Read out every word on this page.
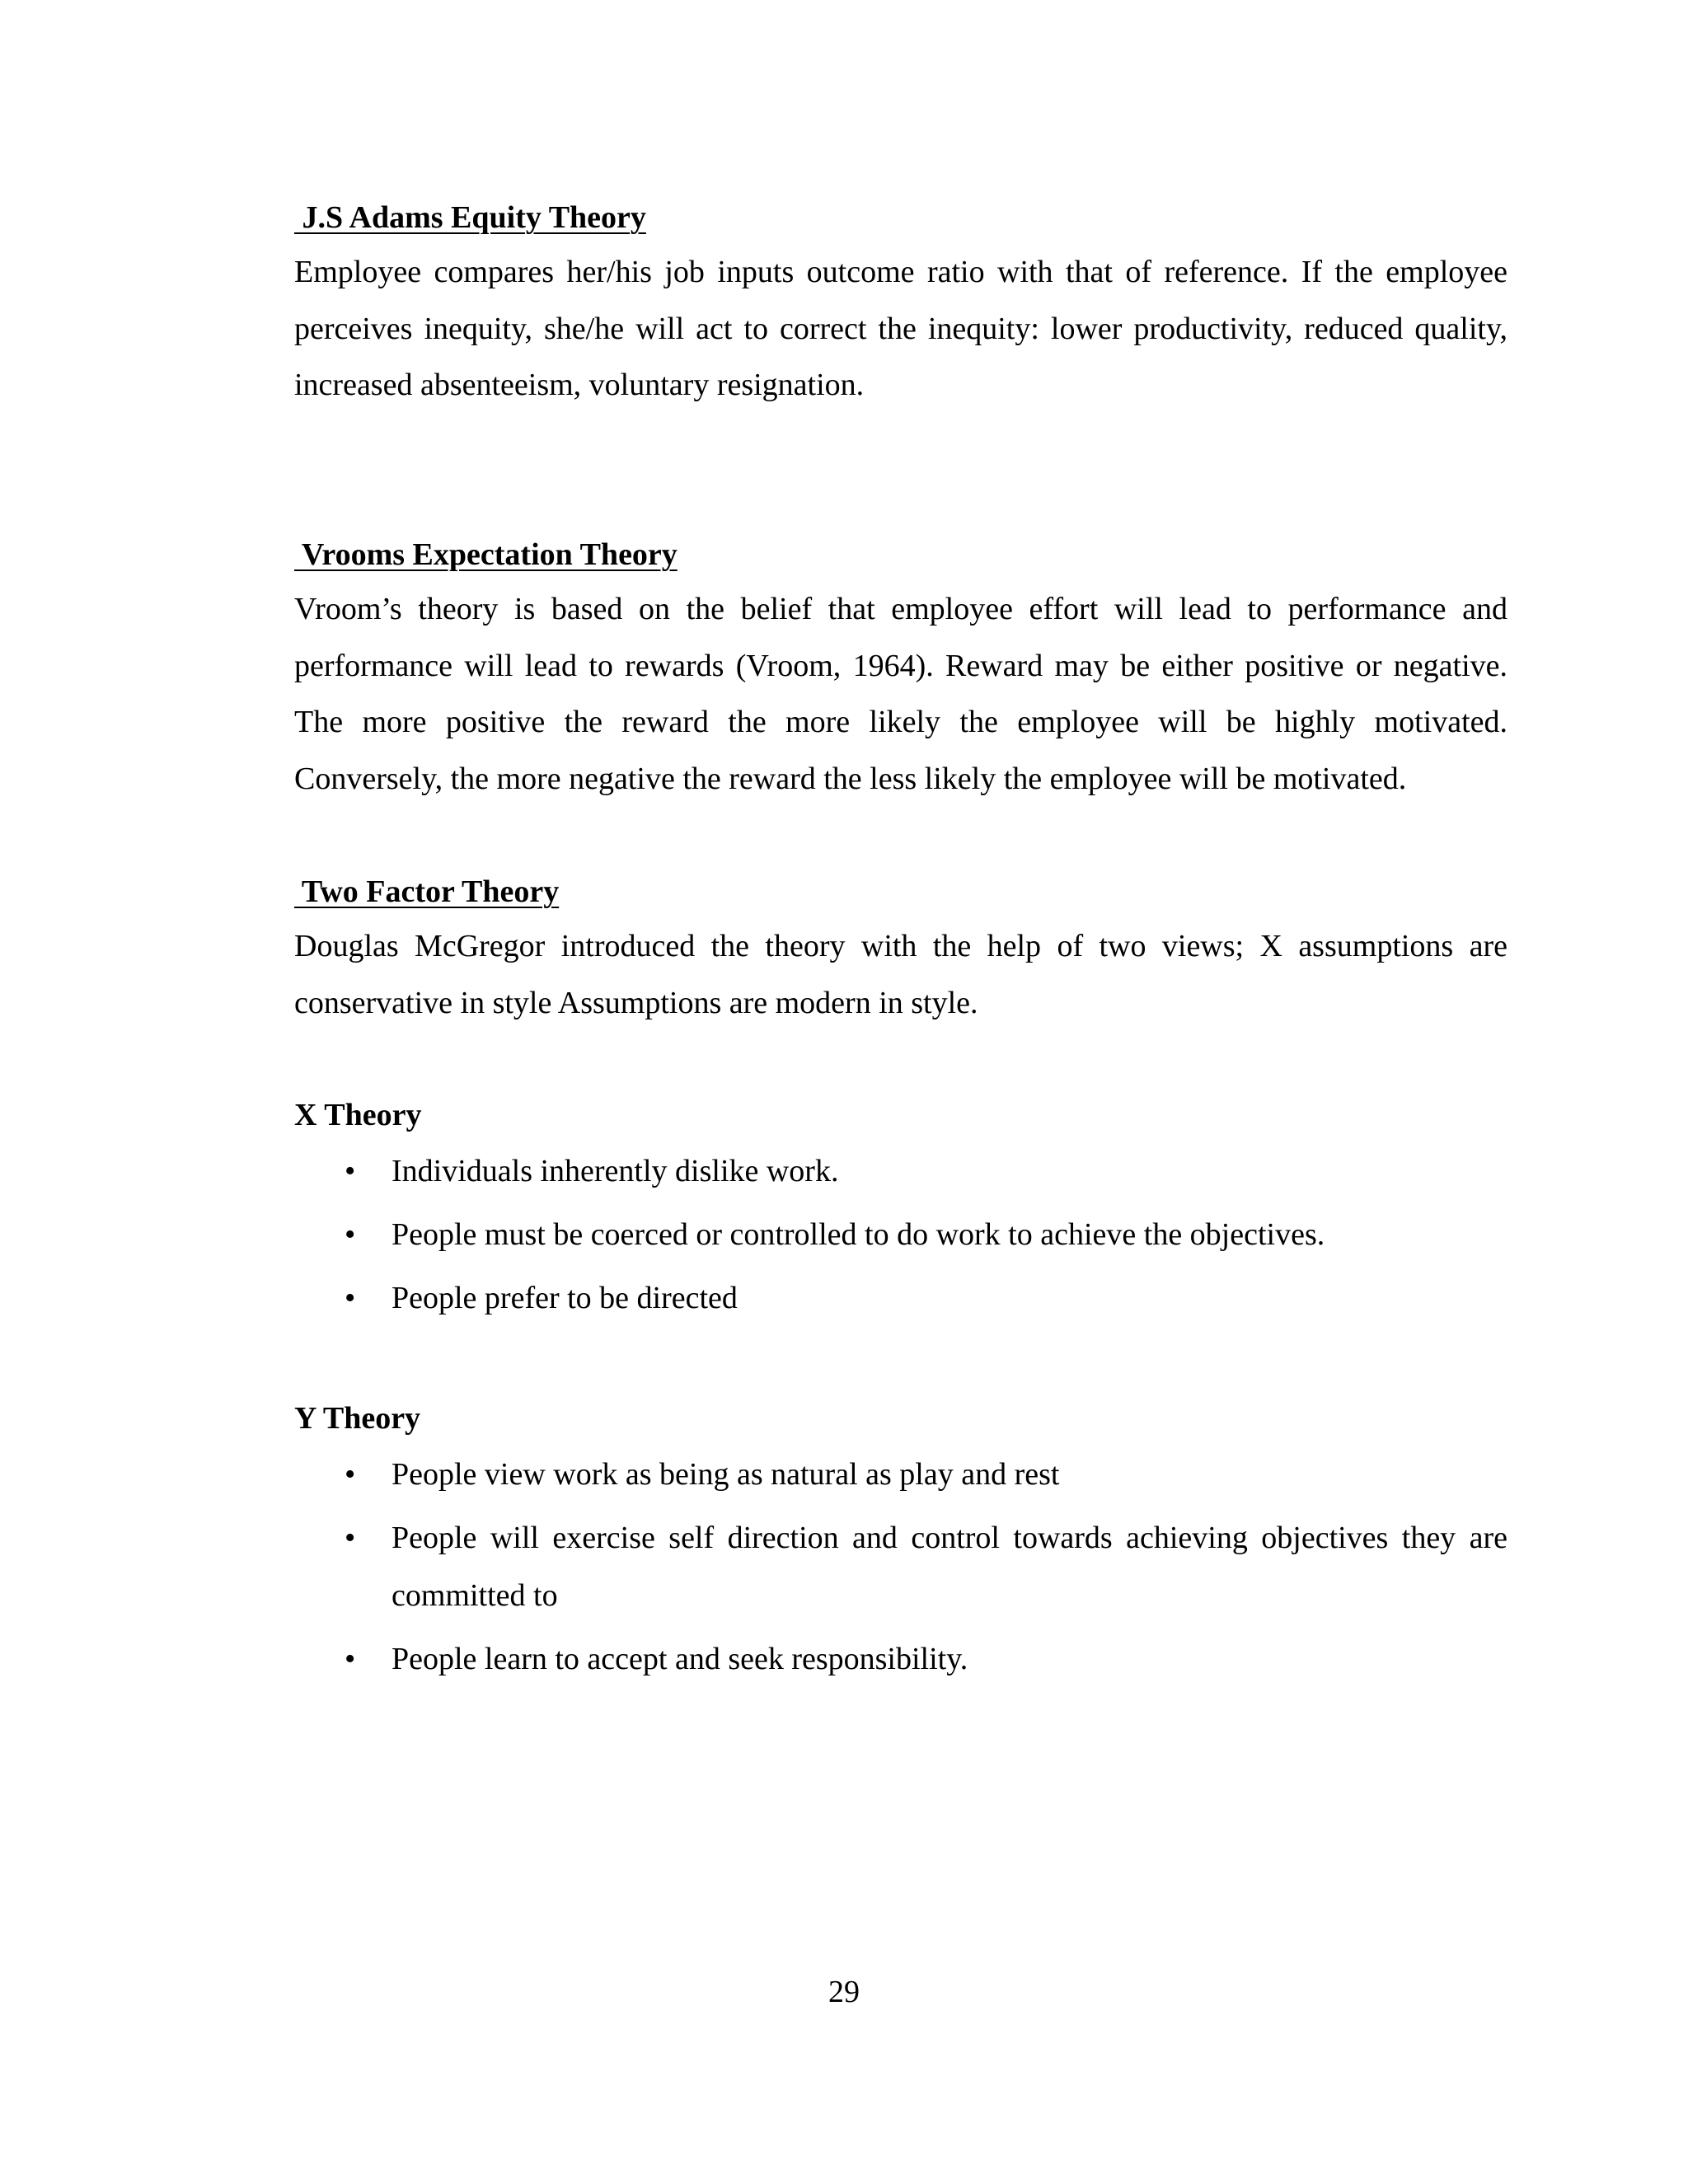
J.S Adams Equity Theory

Employee compares her/his job inputs outcome ratio with that of reference. If the employee perceives inequity, she/he will act to correct the inequity: lower productivity, reduced quality, increased absenteeism, voluntary resignation.

Vrooms Expectation Theory

Vroom’s theory is based on the belief that employee effort will lead to performance and performance will lead to rewards (Vroom, 1964). Reward may be either positive or negative. The more positive the reward the more likely the employee will be highly motivated. Conversely, the more negative the reward the less likely the employee will be motivated.

Two Factor Theory

Douglas McGregor introduced the theory with the help of two views; X assumptions are conservative in style Assumptions are modern in style.

X Theory
• Individuals inherently dislike work.
• People must be coerced or controlled to do work to achieve the objectives.
• People prefer to be directed
Y Theory
• People view work as being as natural as play and rest
• People will exercise self direction and control towards achieving objectives they are committed to
• People learn to accept and seek responsibility.
29
